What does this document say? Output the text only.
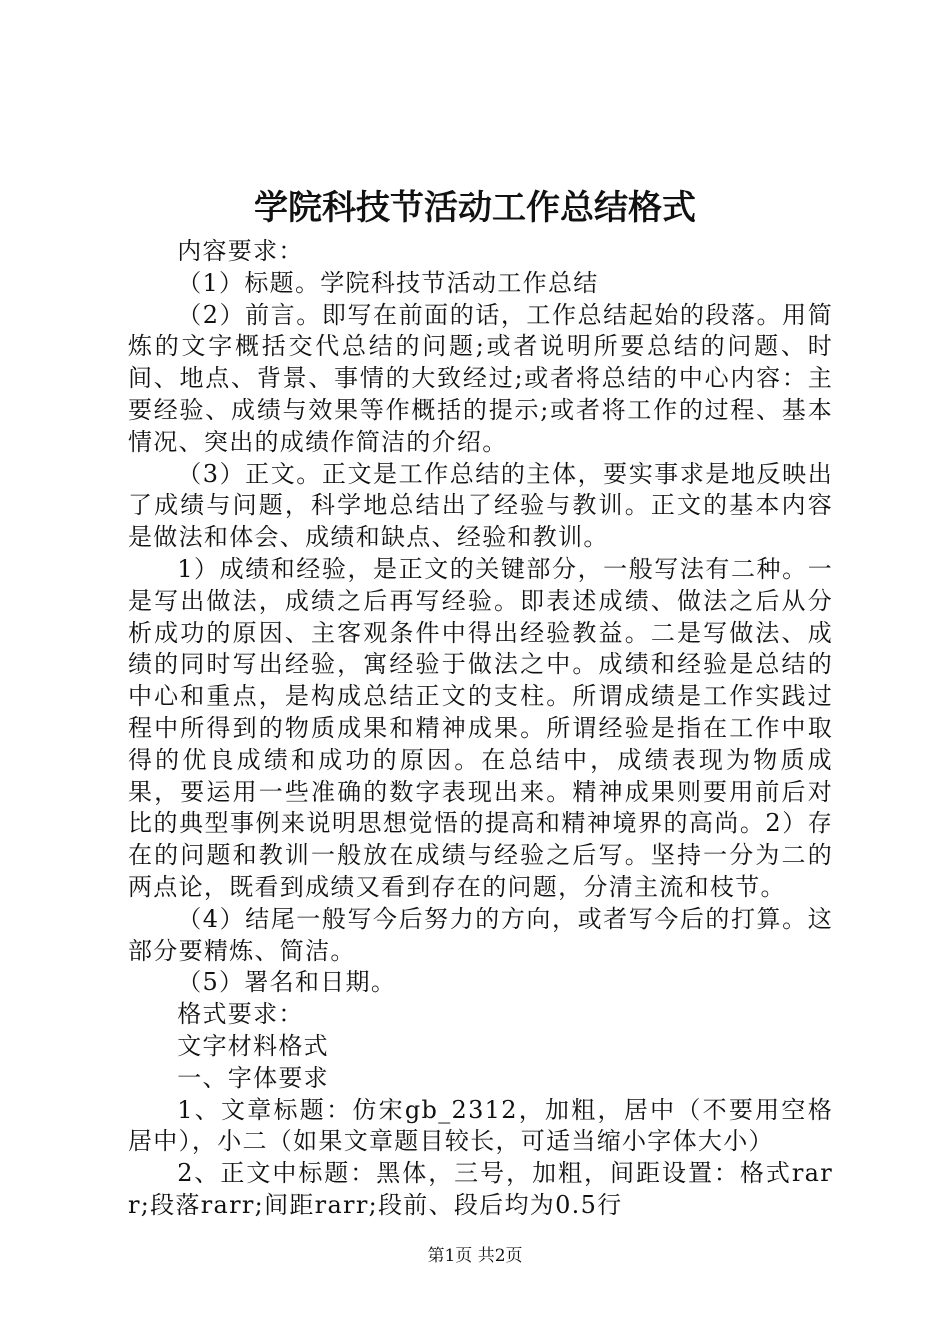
学院科技节活动工作总结格式

内容要求：

（1）标题。学院科技节活动工作总结

（2）前言。即写在前面的话，工作总结起始的段落。用简炼的文字概括交代总结的问题;或者说明所要总结的问题、时间、地点、背景、事情的大致经过;或者将总结的中心内容：主要经验、成绩与效果等作概括的提示;或者将工作的过程、基本情况、突出的成绩作简洁的介绍。

（3）正文。正文是工作总结的主体，要实事求是地反映出了成绩与问题，科学地总结出了经验与教训。正文的基本内容是做法和体会、成绩和缺点、经验和教训。

1）成绩和经验，是正文的关键部分，一般写法有二种。一是写出做法，成绩之后再写经验。即表述成绩、做法之后从分析成功的原因、主客观条件中得出经验教益。二是写做法、成绩的同时写出经验，寓经验于做法之中。成绩和经验是总结的中心和重点，是构成总结正文的支柱。所谓成绩是工作实践过程中所得到的物质成果和精神成果。所谓经验是指在工作中取得的优良成绩和成功的原因。在总结中，成绩表现为物质成果，要运用一些准确的数字表现出来。精神成果则要用前后对比的典型事例来说明思想觉悟的提高和精神境界的高尚。2）存在的问题和教训一般放在成绩与经验之后写。坚持一分为二的两点论，既看到成绩又看到存在的问题，分清主流和枝节。

（4）结尾一般写今后努力的方向，或者写今后的打算。这部分要精炼、简洁。

（5）署名和日期。

格式要求：

文字材料格式

一、字体要求

1、文章标题：仿宋gb_2312，加粗，居中（不要用空格居中），小二（如果文章题目较长，可适当缩小字体大小）

2、正文中标题：黑体，三号，加粗，间距设置：格式rarr;段落rarr;间距rarr;段前、段后均为0.5行

第1页 共2页
